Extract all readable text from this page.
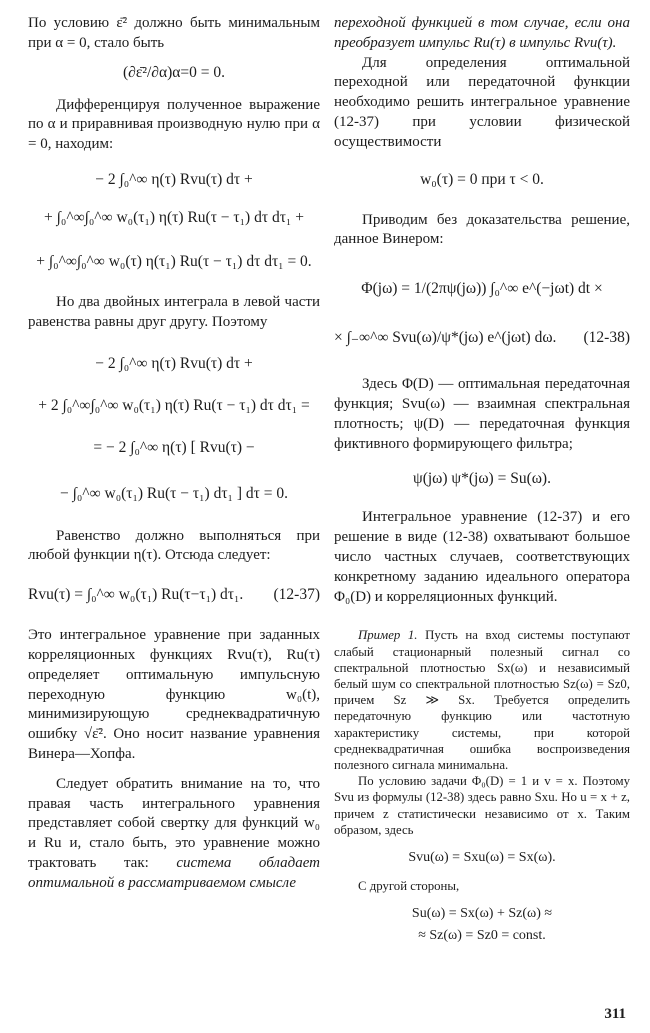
По условию ε̄² должно быть минимальным при α = 0, стало быть

(∂ε̄²/∂α)α=0 = 0.

Дифференцируя полученное выражение по α и приравнивая производную нулю при α = 0, находим:

− 2 ∫₀^∞ η(τ) Rvu(τ) dτ +
+ ∫₀^∞∫₀^∞ w₀(τ₁) η(τ) Ru(τ − τ₁) dτ dτ₁ +
+ ∫₀^∞∫₀^∞ w₀(τ) η(τ₁) Ru(τ − τ₁) dτ dτ₁ = 0.

Но два двойных интеграла в левой части равенства равны друг другу. Поэтому

− 2 ∫₀^∞ η(τ) Rvu(τ) dτ +
+ 2 ∫₀^∞∫₀^∞ w₀(τ₁) η(τ) Ru(τ − τ₁) dτ dτ₁ =
= − 2 ∫₀^∞ η(τ) [ Rvu(τ) −
− ∫₀^∞ w₀(τ₁) Ru(τ − τ₁) dτ₁ ] dτ = 0.

Равенство должно выполняться при любой функции η(τ). Отсюда следует:

Rvu(τ) = ∫₀^∞ w₀(τ₁) Ru(τ−τ₁) dτ₁.	(12-37)

Это интегральное уравнение при заданных корреляционных функциях Rvu(τ), Ru(τ) определяет оптимальную импульсную переходную функцию w₀(t), минимизирующую среднеквадратичную ошибку √ε̄². Оно носит название уравнения Винера—Хопфа.

Следует обратить внимание на то, что правая часть интегрального уравнения представляет собой свертку для функций w₀ и Ru и, стало быть, это уравнение можно трактовать так: система обладает оптимальной в рассматриваемом смысле

переходной функцией в том случае, если она преобразует импульс Ru(τ) в импульс Rvu(τ).

Для определения оптимальной переходной или передаточной функции необходимо решить интегральное уравнение (12-37) при условии физической осуществимости

w₀(τ) = 0 при τ < 0.

Приводим без доказательства решение, данное Винером:

Φ(jω) = 1/(2πψ(jω)) ∫₀^∞ e^(−jωt) dt ×
× ∫₋∞^∞ Svu(ω)/ψ*(jω) e^(jωt) dω.	(12-38)

Здесь Φ(D) — оптимальная передаточная функция; Svu(ω) — взаимная спектральная плотность; ψ(D) — передаточная функция фиктивного формирующего фильтра;

ψ(jω) ψ*(jω) = Su(ω).

Интегральное уравнение (12-37) и его решение в виде (12-38) охватывают большое число частных случаев, соответствующих конкретному заданию идеального оператора Φ₀(D) и корреляционных функций.

Пример 1. Пусть на вход системы поступают слабый стационарный полезный сигнал со спектральной плотностью Sx(ω) и независимый белый шум со спектральной плотностью Sz(ω) = Sz0, причем Sz ≫ Sx. Требуется определить передаточную функцию или частотную характеристику системы, при которой среднеквадратичная ошибка воспроизведения полезного сигнала минимальна.

По условию задачи Φ₀(D) = 1 и v = x. Поэтому Svu из формулы (12-38) здесь равно Sxu. Но u = x + z, причем z статистически независимо от x. Таким образом, здесь

Svu(ω) = Sxu(ω) = Sx(ω).

С другой стороны,

Su(ω) = Sx(ω) + Sz(ω) ≈
≈ Sz(ω) = Sz0 = const.
311
